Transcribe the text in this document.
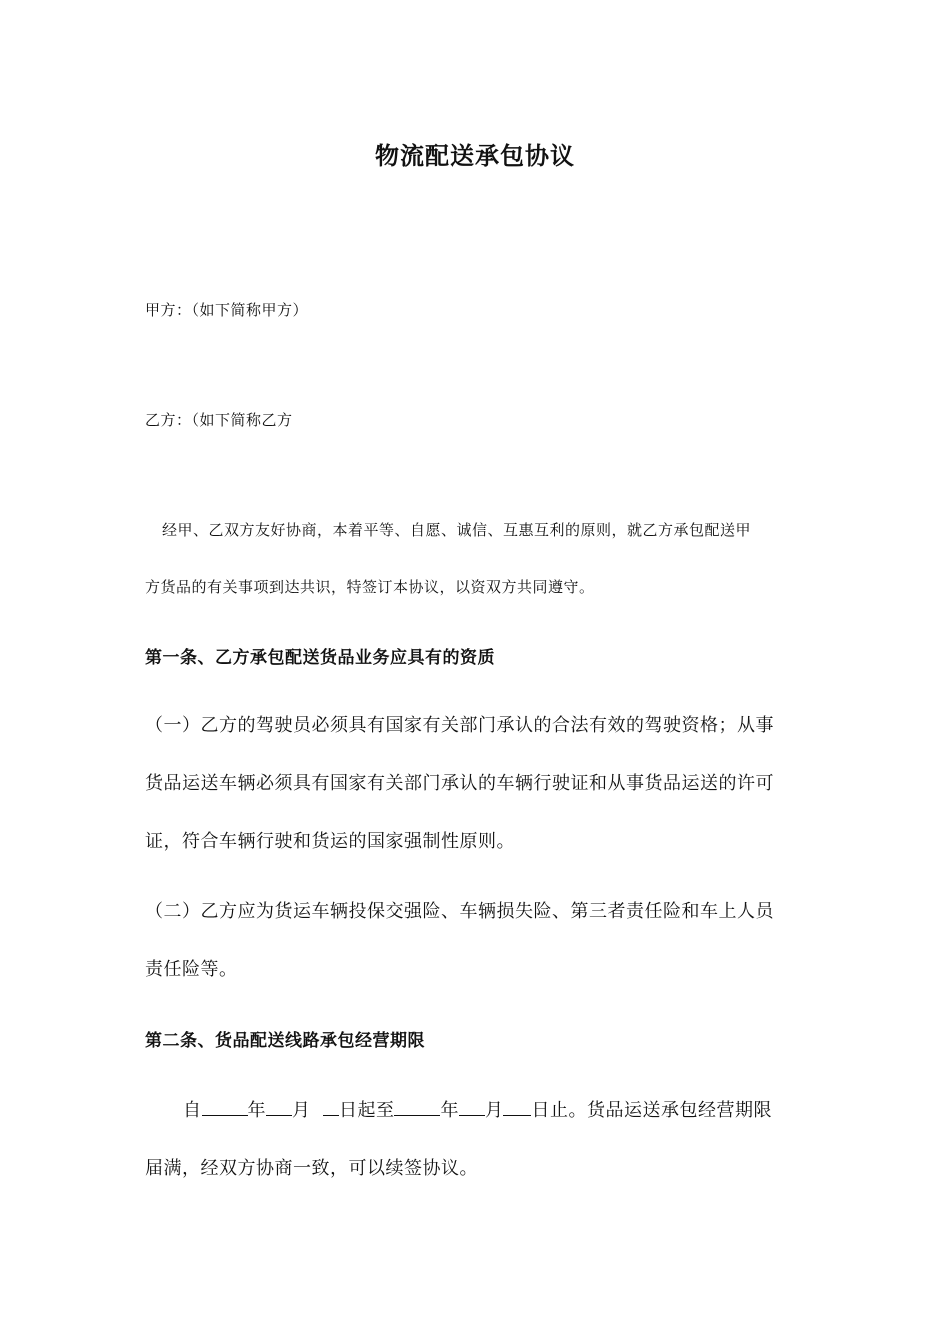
物流配送承包协议
甲方：（如下简称甲方）
乙方：（如下简称乙方
经甲、乙双方友好协商，本着平等、自愿、诚信、互惠互利的原则，就乙方承包配送甲
方货品的有关事项到达共识，特签订本协议，以资双方共同遵守。
第一条、乙方承包配送货品业务应具有的资质
（一）乙方的驾驶员必须具有国家有关部门承认的合法有效的驾驶资格；从事
货品运送车辆必须具有国家有关部门承认的车辆行驶证和从事货品运送的许可
证，符合车辆行驶和货运的国家强制性原则。
（二）乙方应为货运车辆投保交强险、车辆损失险、第三者责任险和车上人员
责任险等。
第二条、货品配送线路承包经营期限
自	年 月 日起至	年 月 日止。货品运送承包经营期限
届满，经双方协商一致，可以续签协议。
